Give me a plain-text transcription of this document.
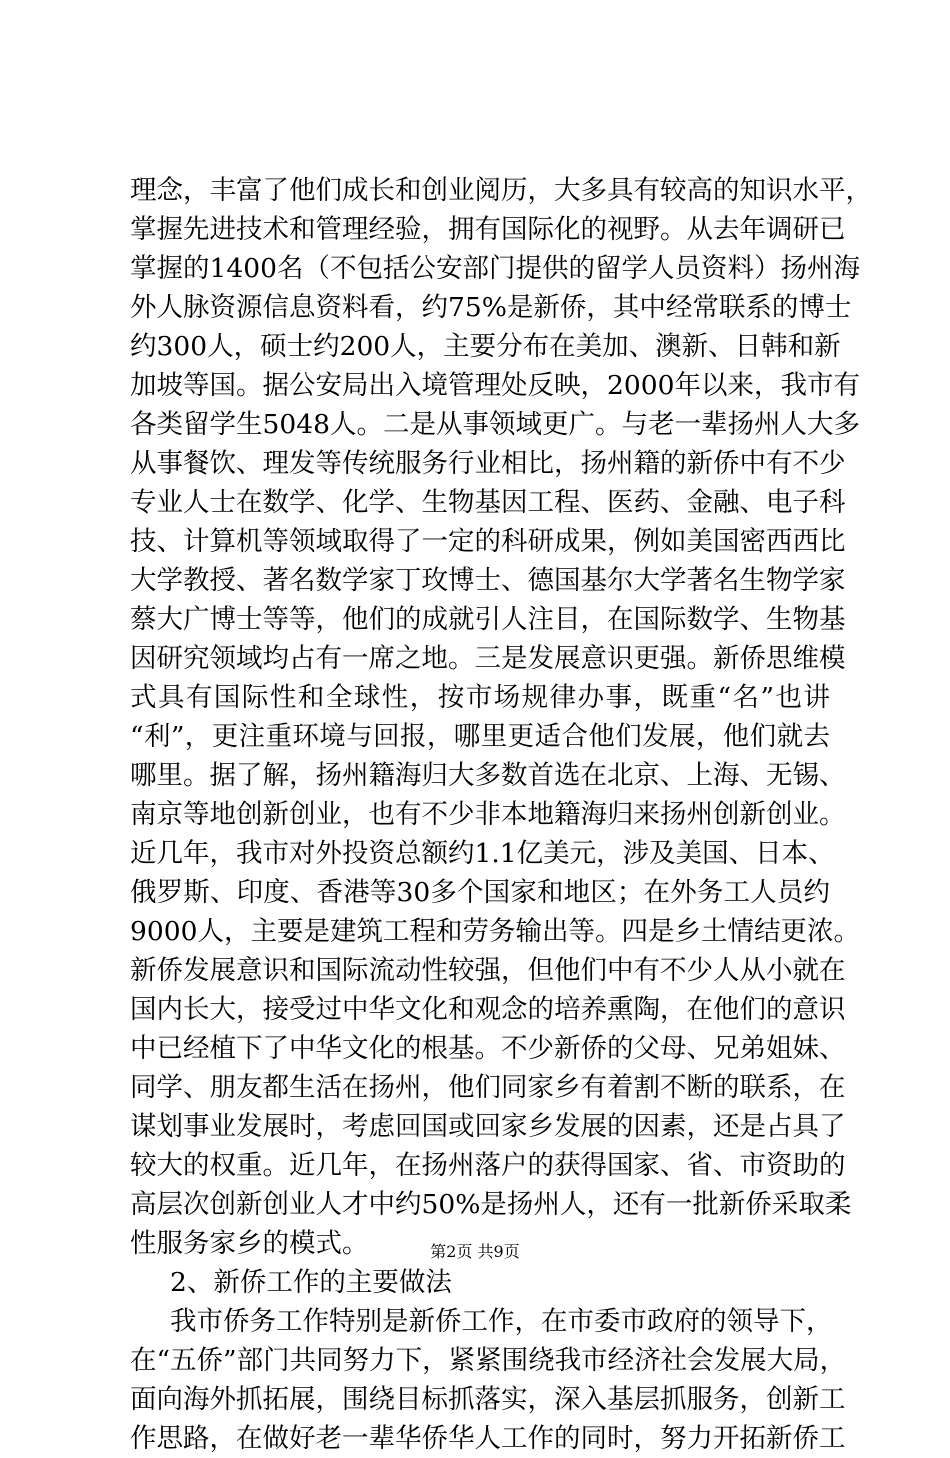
理念，丰富了他们成长和创业阅历，大多具有较高的知识水平，
掌握先进技术和管理经验，拥有国际化的视野。从去年调研已
掌握的1400名（不包括公安部门提供的留学人员资料）扬州海
外人脉资源信息资料看，约75%是新侨，其中经常联系的博士
约300人，硕士约200人，主要分布在美加、澳新、日韩和新
加坡等国。据公安局出入境管理处反映，2000年以来，我市有
各类留学生5048人。二是从事领域更广。与老一辈扬州人大多
从事餐饮、理发等传统服务行业相比，扬州籍的新侨中有不少
专业人士在数学、化学、生物基因工程、医药、金融、电子科
技、计算机等领域取得了一定的科研成果，例如美国密西西比
大学教授、著名数学家丁玫博士、德国基尔大学著名生物学家
蔡大广博士等等，他们的成就引人注目，在国际数学、生物基
因研究领域均占有一席之地。三是发展意识更强。新侨思维模
式具有国际性和全球性，按市场规律办事，既重“名”也讲
“利”，更注重环境与回报，哪里更适合他们发展，他们就去
哪里。据了解，扬州籍海归大多数首选在北京、上海、无锡、
南京等地创新创业，也有不少非本地籍海归来扬州创新创业。
近几年，我市对外投资总额约1.1亿美元，涉及美国、日本、
俄罗斯、印度、香港等30多个国家和地区；在外务工人员约
9000人，主要是建筑工程和劳务输出等。四是乡土情结更浓。
新侨发展意识和国际流动性较强，但他们中有不少人从小就在
国内长大，接受过中华文化和观念的培养熏陶，在他们的意识
中已经植下了中华文化的根基。不少新侨的父母、兄弟姐妹、
同学、朋友都生活在扬州，他们同家乡有着割不断的联系，在
谋划事业发展时，考虑回国或回家乡发展的因素，还是占具了
较大的权重。近几年，在扬州落户的获得国家、省、市资助的
高层次创新创业人才中约50%是扬州人，还有一批新侨采取柔
性服务家乡的模式。
2、新侨工作的主要做法
我市侨务工作特别是新侨工作，在市委市政府的领导下，
在“五侨”部门共同努力下，紧紧围绕我市经济社会发展大局，
面向海外抓拓展，围绕目标抓落实，深入基层抓服务，创新工
作思路，在做好老一辈华侨华人工作的同时，努力开拓新侨工
第2页 共9页
